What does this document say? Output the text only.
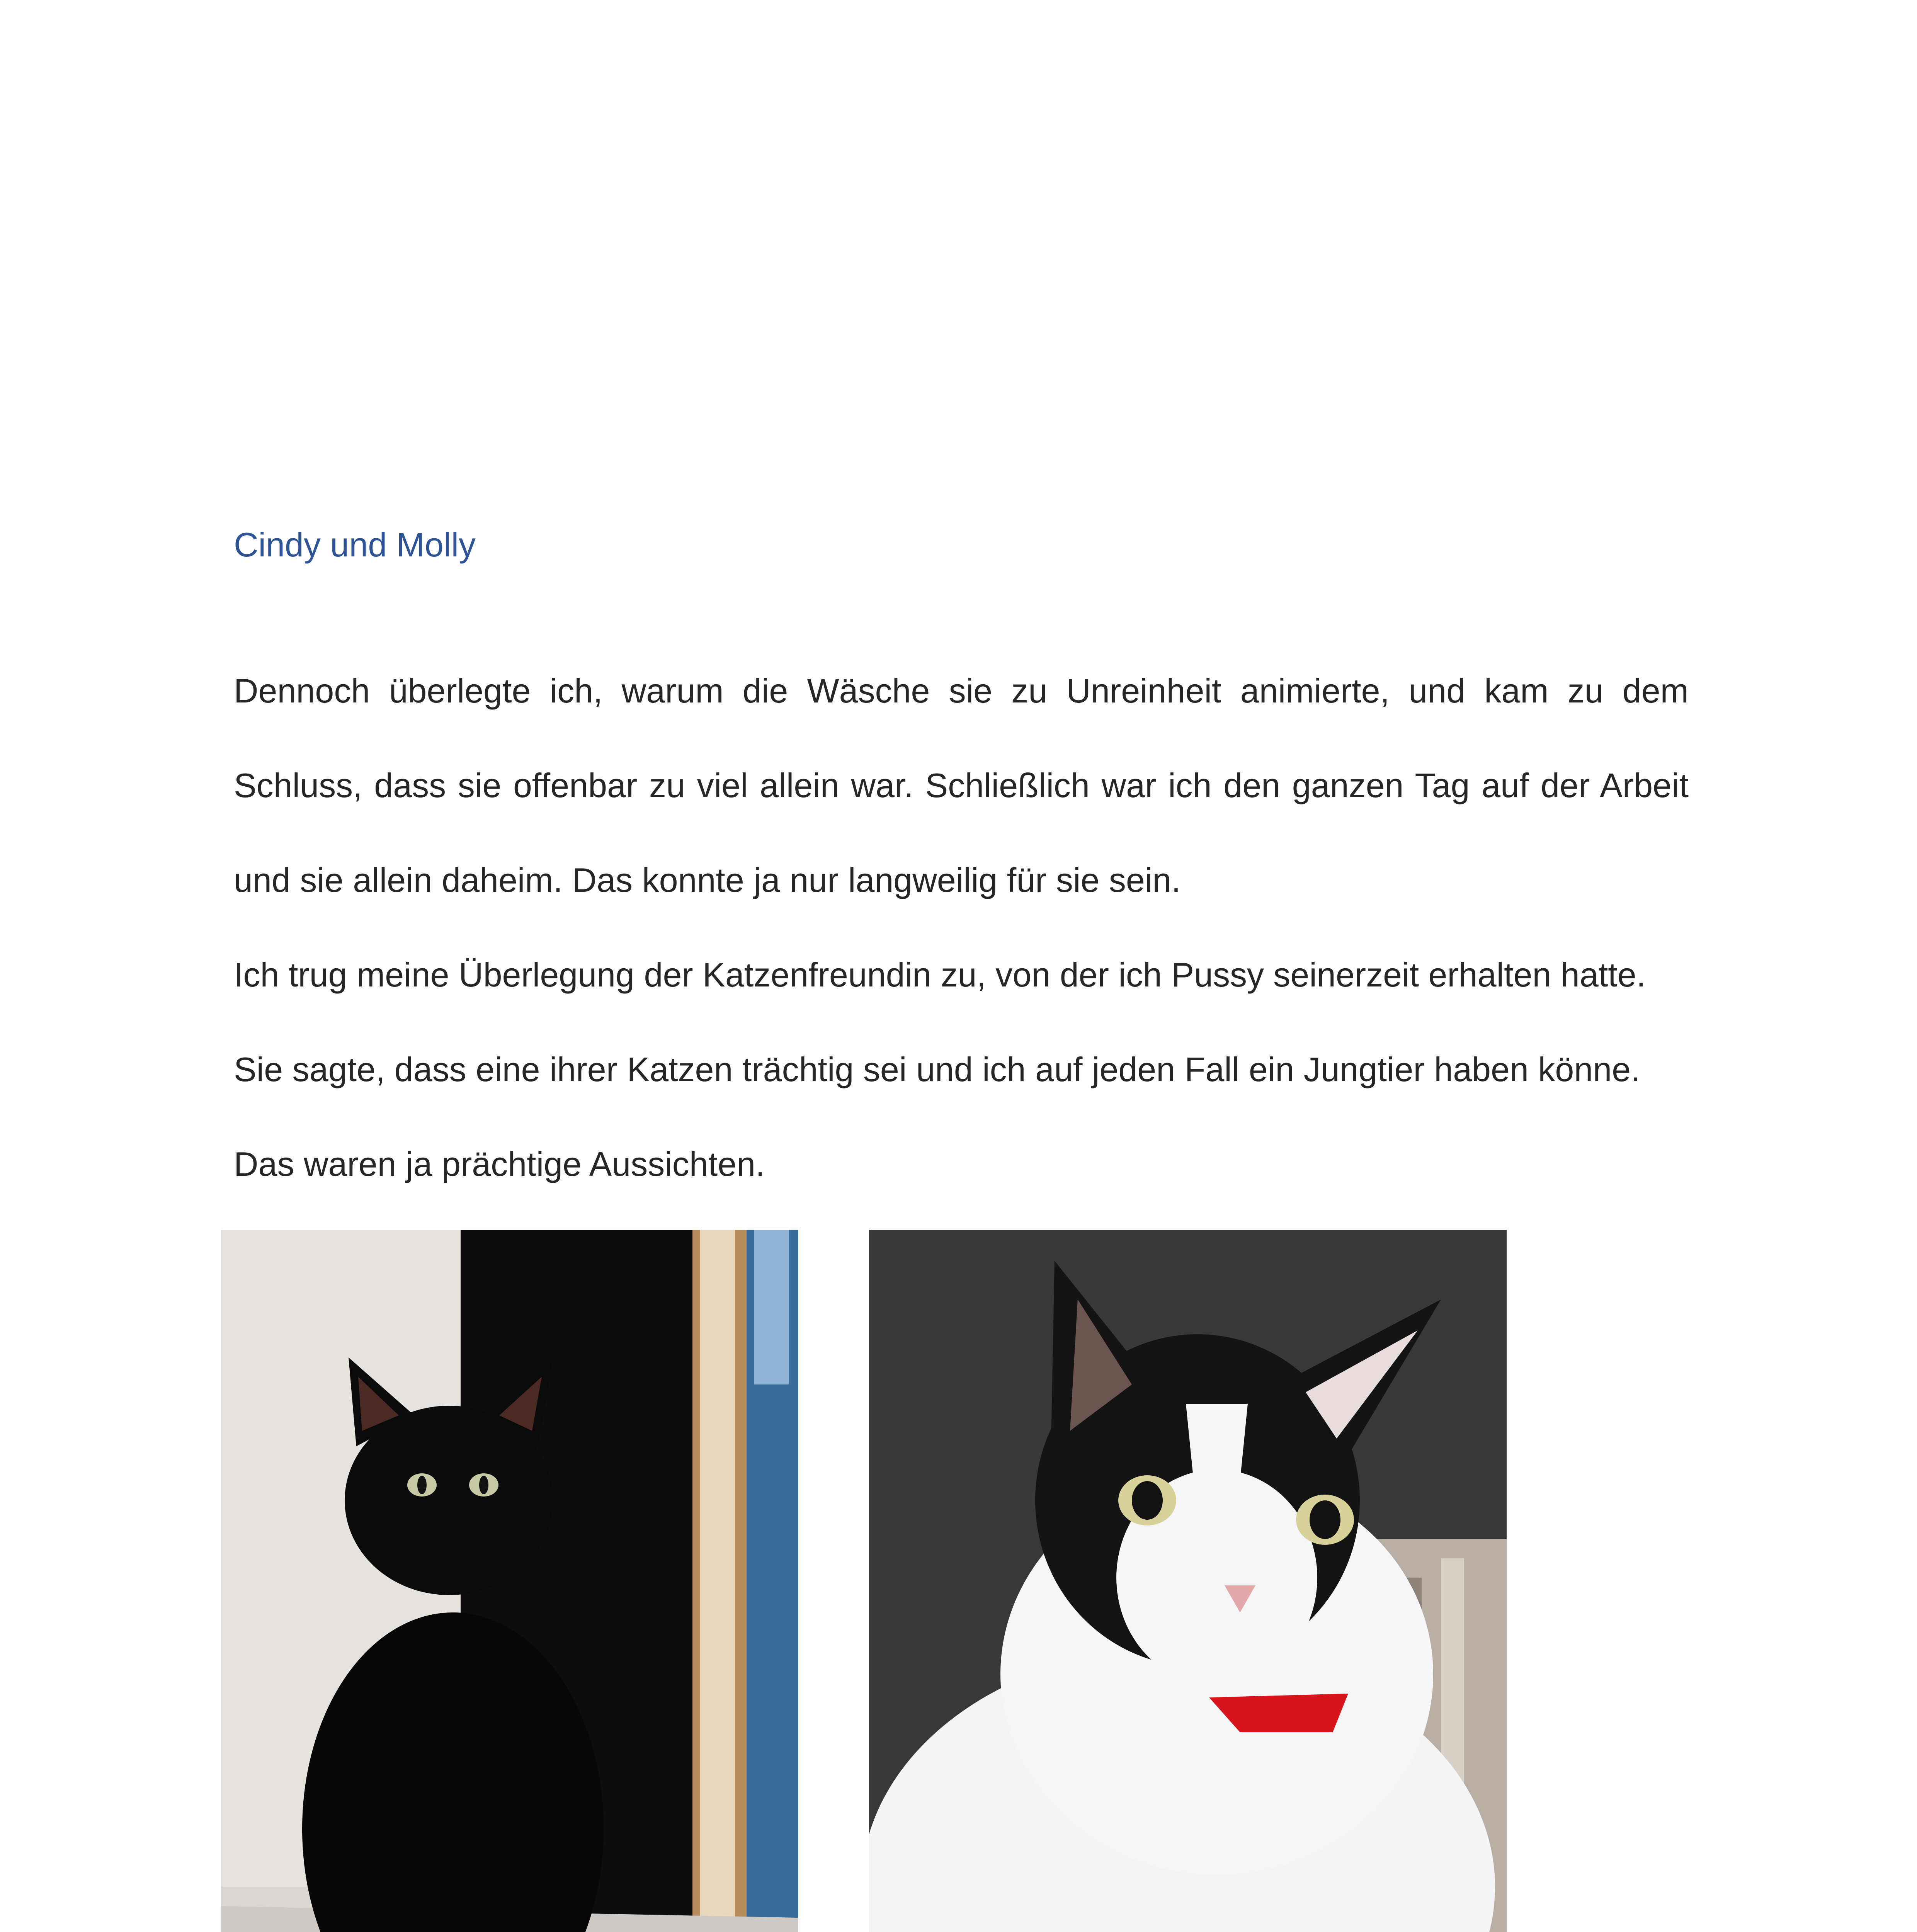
Cindy und Molly
Dennoch überlegte ich, warum die Wäsche sie zu Unreinheit animierte, und kam zu dem
Schluss, dass sie offenbar zu viel allein war. Schließlich war ich den ganzen Tag auf der Arbeit
und sie allein daheim. Das konnte ja nur langweilig für sie sein.
Ich trug meine Überlegung der Katzenfreundin zu, von der ich Pussy seinerzeit erhalten hatte.
Sie sagte, dass eine ihrer Katzen trächtig sei und ich auf jeden Fall ein Jungtier haben könne.
Das waren ja prächtige Aussichten.
